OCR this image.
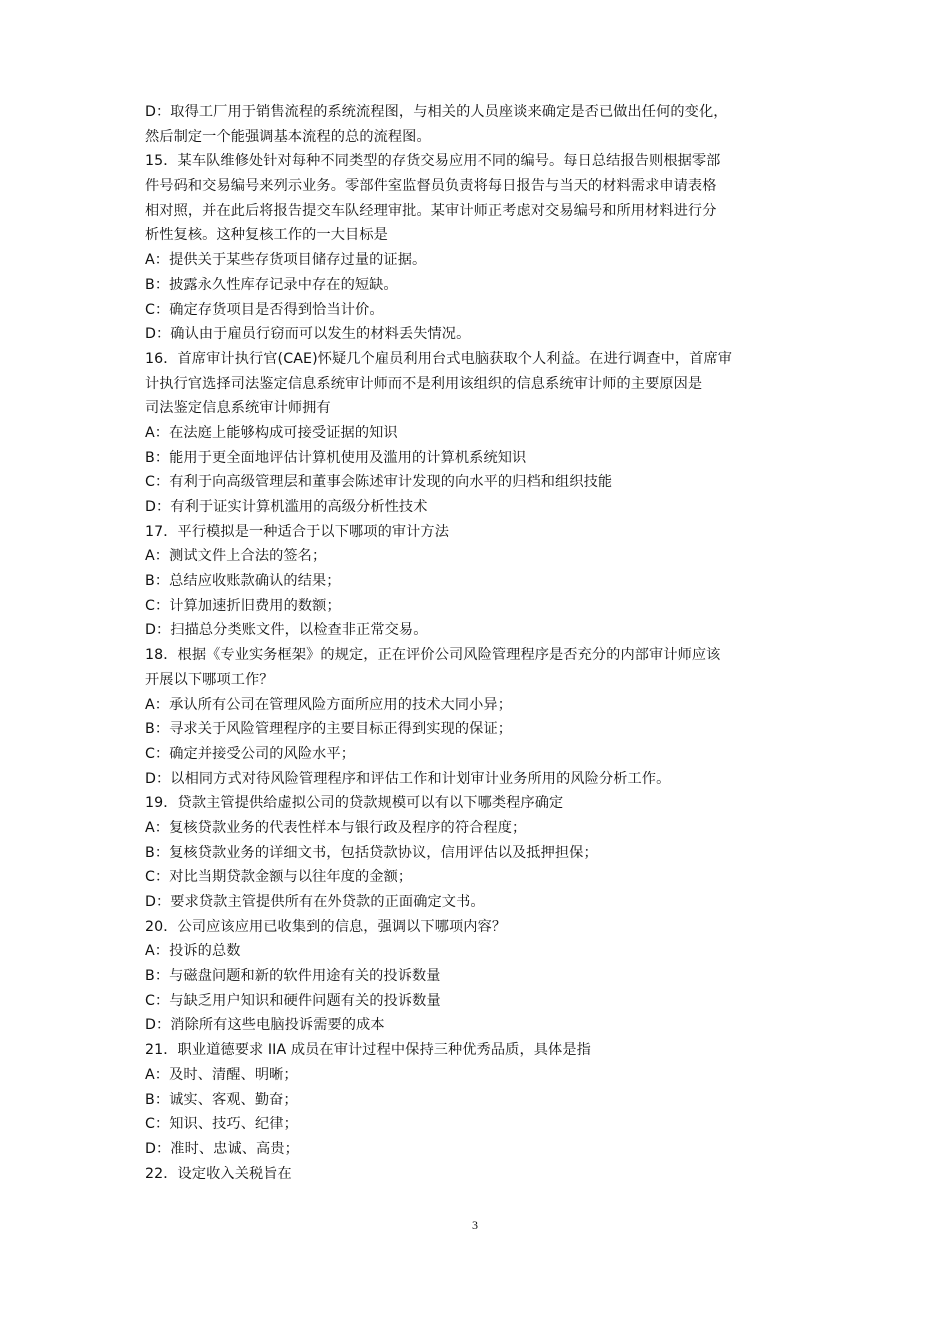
D：取得工厂用于销售流程的系统流程图，与相关的人员座谈来确定是否已做出任何的变化，
然后制定一个能强调基本流程的总的流程图。
15．某车队维修处针对每种不同类型的存货交易应用不同的编号。每日总结报告则根据零部
件号码和交易编号来列示业务。零部件室监督员负责将每日报告与当天的材料需求申请表格
相对照，并在此后将报告提交车队经理审批。某审计师正考虑对交易编号和所用材料进行分
析性复核。这种复核工作的一大目标是
A：提供关于某些存货项目储存过量的证据。
B：披露永久性库存记录中存在的短缺。
C：确定存货项目是否得到恰当计价。
D：确认由于雇员行窃而可以发生的材料丢失情况。
16．首席审计执行官(CAE)怀疑几个雇员利用台式电脑获取个人利益。在进行调查中，首席审
计执行官选择司法鉴定信息系统审计师而不是利用该组织的信息系统审计师的主要原因是
司法鉴定信息系统审计师拥有
A：在法庭上能够构成可接受证据的知识
B：能用于更全面地评估计算机使用及滥用的计算机系统知识
C：有利于向高级管理层和董事会陈述审计发现的向水平的归档和组织技能
D：有利于证实计算机滥用的高级分析性技术
17．平行模拟是一种适合于以下哪项的审计方法
A：测试文件上合法的签名；
B：总结应收账款确认的结果；
C：计算加速折旧费用的数额；
D：扫描总分类账文件，以检查非正常交易。
18．根据《专业实务框架》的规定，正在评价公司风险管理程序是否充分的内部审计师应该
开展以下哪项工作？
A：承认所有公司在管理风险方面所应用的技术大同小异；
B：寻求关于风险管理程序的主要目标正得到实现的保证；
C：确定并接受公司的风险水平；
D：以相同方式对待风险管理程序和评估工作和计划审计业务所用的风险分析工作。
19．贷款主管提供给虚拟公司的贷款规模可以有以下哪类程序确定
A：复核贷款业务的代表性样本与银行政及程序的符合程度；
B：复核贷款业务的详细文书，包括贷款协议，信用评估以及抵押担保；
C：对比当期贷款金额与以往年度的金额；
D：要求贷款主管提供所有在外贷款的正面确定文书。
20．公司应该应用已收集到的信息，强调以下哪项内容？
A：投诉的总数
B：与磁盘问题和新的软件用途有关的投诉数量
C：与缺乏用户知识和硬件问题有关的投诉数量
D：消除所有这些电脑投诉需要的成本
21．职业道德要求 IIA 成员在审计过程中保持三种优秀品质，具体是指
A：及时、清醒、明晰；
B：诚实、客观、勤奋；
C：知识、技巧、纪律；
D：准时、忠诚、高贵；
22．设定收入关税旨在
3
